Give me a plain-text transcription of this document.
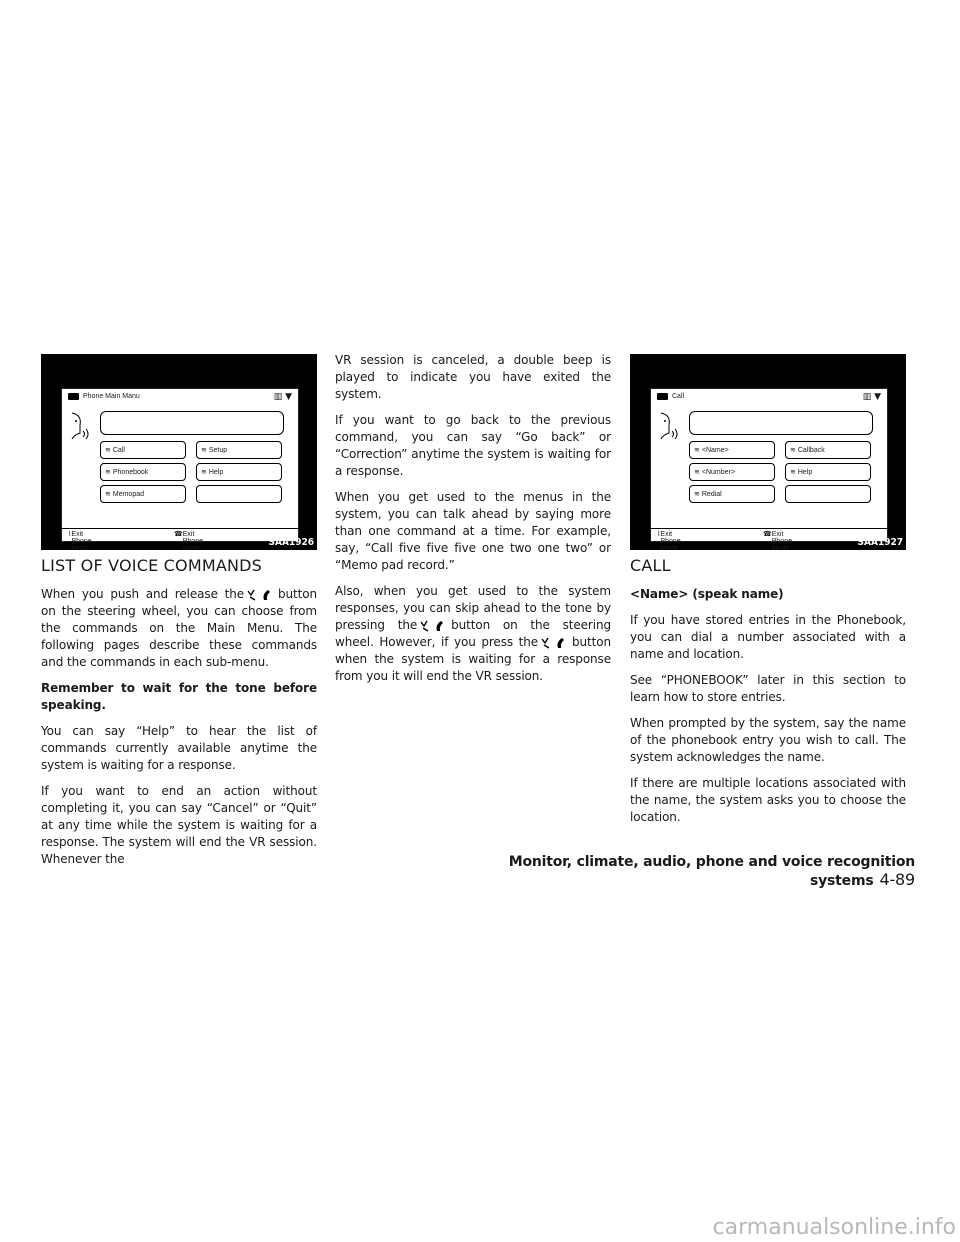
Phone Main Manu	▥ ▼
≋ Call	≋ Setup
≋ Phonebook	≋ Help
≋ Memopad
⌇ Exit Phone Mode
☎ Exit Phone Mode
SAA1926
Call	▥ ▼
≋ <Name>	≋ Callback
≋ <Number>	≋ Help
≋ Redial
⌇ Exit Phone Mode
☎ Exit Phone Mode
SAA1927
LIST OF VOICE COMMANDS

When you push and release the	button on the steering wheel, you can choose from the commands on the Main Menu. The following pages describe these commands and the commands in each sub-menu.

Remember to wait for the tone before speaking.

You can say “Help” to hear the list of commands currently available anytime the system is waiting for a response.

If you want to end an action without completing it, you can say “Cancel” or “Quit” at any time while the system is waiting for a response. The system will end the VR session. Whenever the

VR session is canceled, a double beep is played to indicate you have exited the system.

If you want to go back to the previous command, you can say “Go back” or “Correction” anytime the system is waiting for a response.

When you get used to the menus in the system, you can talk ahead by saying more than one command at a time. For example, say, “Call five five five one two one two” or “Memo pad record.”

Also, when you get used to the system responses, you can skip ahead to the tone by pressing the	button on the steering wheel. However, if you press the	button when the system is waiting for a response from you it will end the VR session.

CALL

<Name> (speak name)

If you have stored entries in the Phonebook, you can dial a number associated with a name and location.

See “PHONEBOOK” later in this section to learn how to store entries.

When prompted by the system, say the name of the phonebook entry you wish to call. The system acknowledges the name.

If there are multiple locations associated with the name, the system asks you to choose the location.

Monitor, climate, audio, phone and voice recognition systems 4-89
carmanualsonline.info
